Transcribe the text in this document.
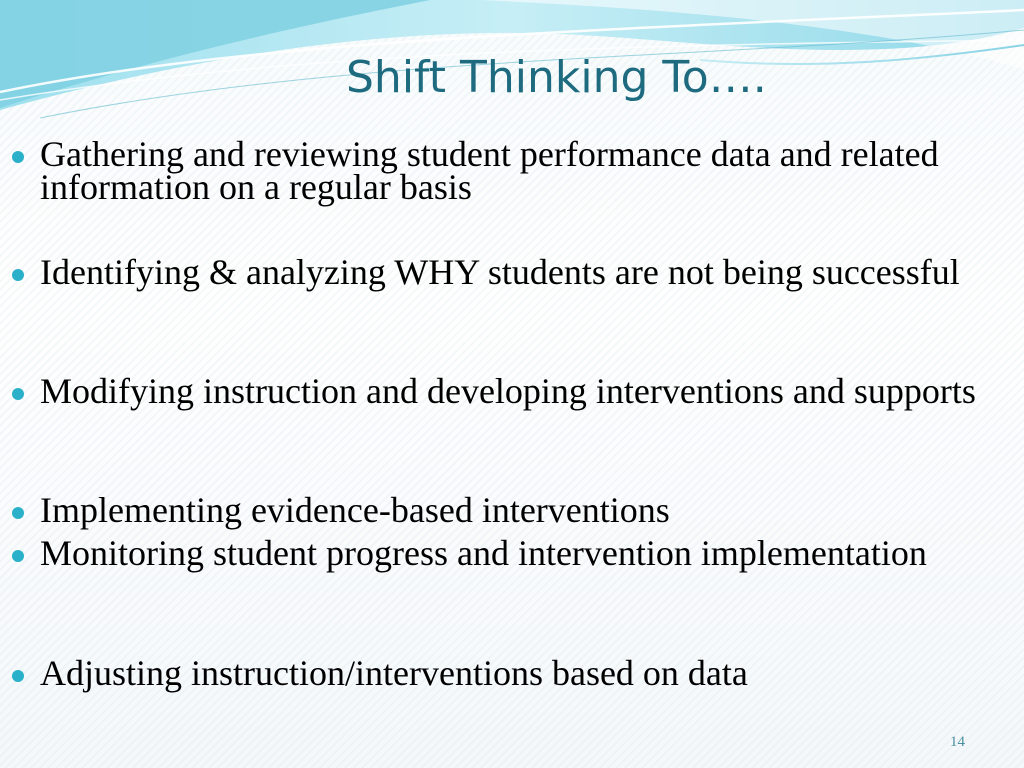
Shift Thinking To….
Gathering and reviewing student performance data and related information on a regular basis
Identifying & analyzing WHY students are not being successful
Modifying instruction and developing interventions and supports
Implementing evidence-based interventions
Monitoring student progress and intervention implementation
Adjusting instruction/interventions based on data
14
